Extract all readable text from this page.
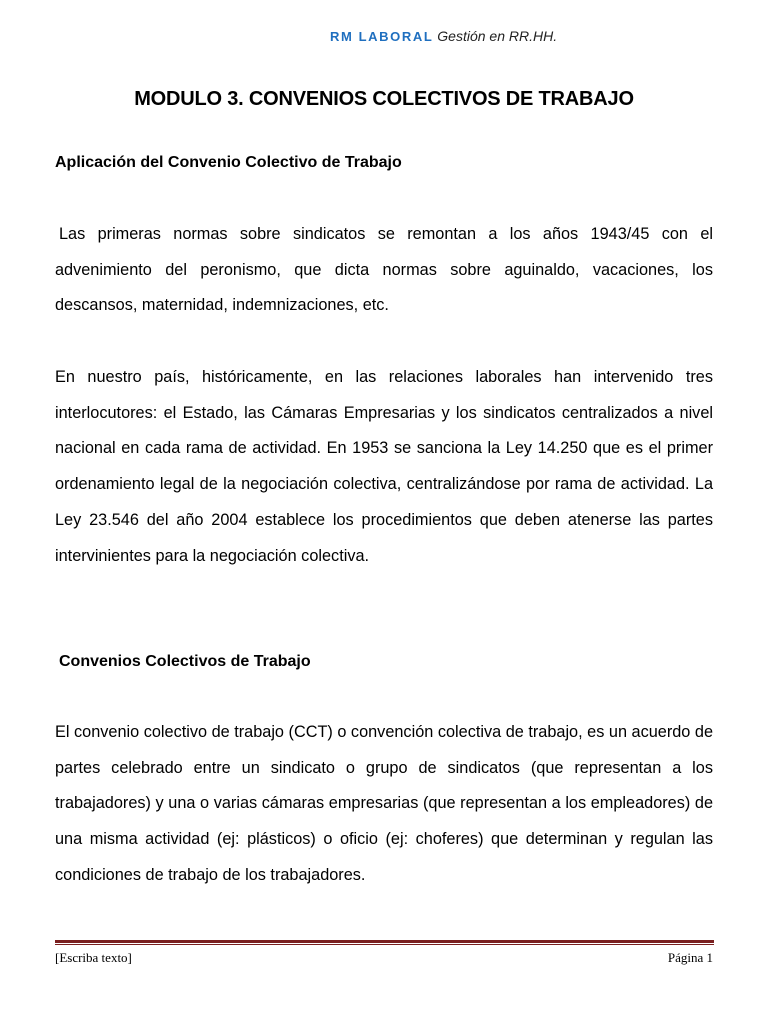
RM LABORAL Gestión en RR.HH.
MODULO 3. CONVENIOS COLECTIVOS DE TRABAJO
Aplicación del Convenio Colectivo de Trabajo

Las primeras normas sobre sindicatos se remontan a los años 1943/45 con el advenimiento del peronismo, que dicta normas sobre aguinaldo, vacaciones, los descansos, maternidad, indemnizaciones, etc.

En nuestro país, históricamente, en las relaciones laborales han intervenido tres interlocutores: el Estado, las Cámaras Empresarias y los sindicatos centralizados a nivel nacional en cada rama de actividad. En 1953 se sanciona la Ley 14.250 que es el primer ordenamiento legal de la negociación colectiva, centralizándose por rama de actividad. La Ley 23.546 del año 2004 establece los procedimientos que deben atenerse las partes intervinientes para la negociación colectiva.

Convenios Colectivos de Trabajo

El convenio colectivo de trabajo (CCT) o convención colectiva de trabajo, es un acuerdo de partes celebrado entre un sindicato o grupo de sindicatos (que representan a los trabajadores) y una o varias cámaras empresarias (que representan a los empleadores) de una misma actividad (ej: plásticos) o oficio (ej: choferes) que determinan y regulan las condiciones de trabajo de los trabajadores.

[Escriba texto]	Página 1
